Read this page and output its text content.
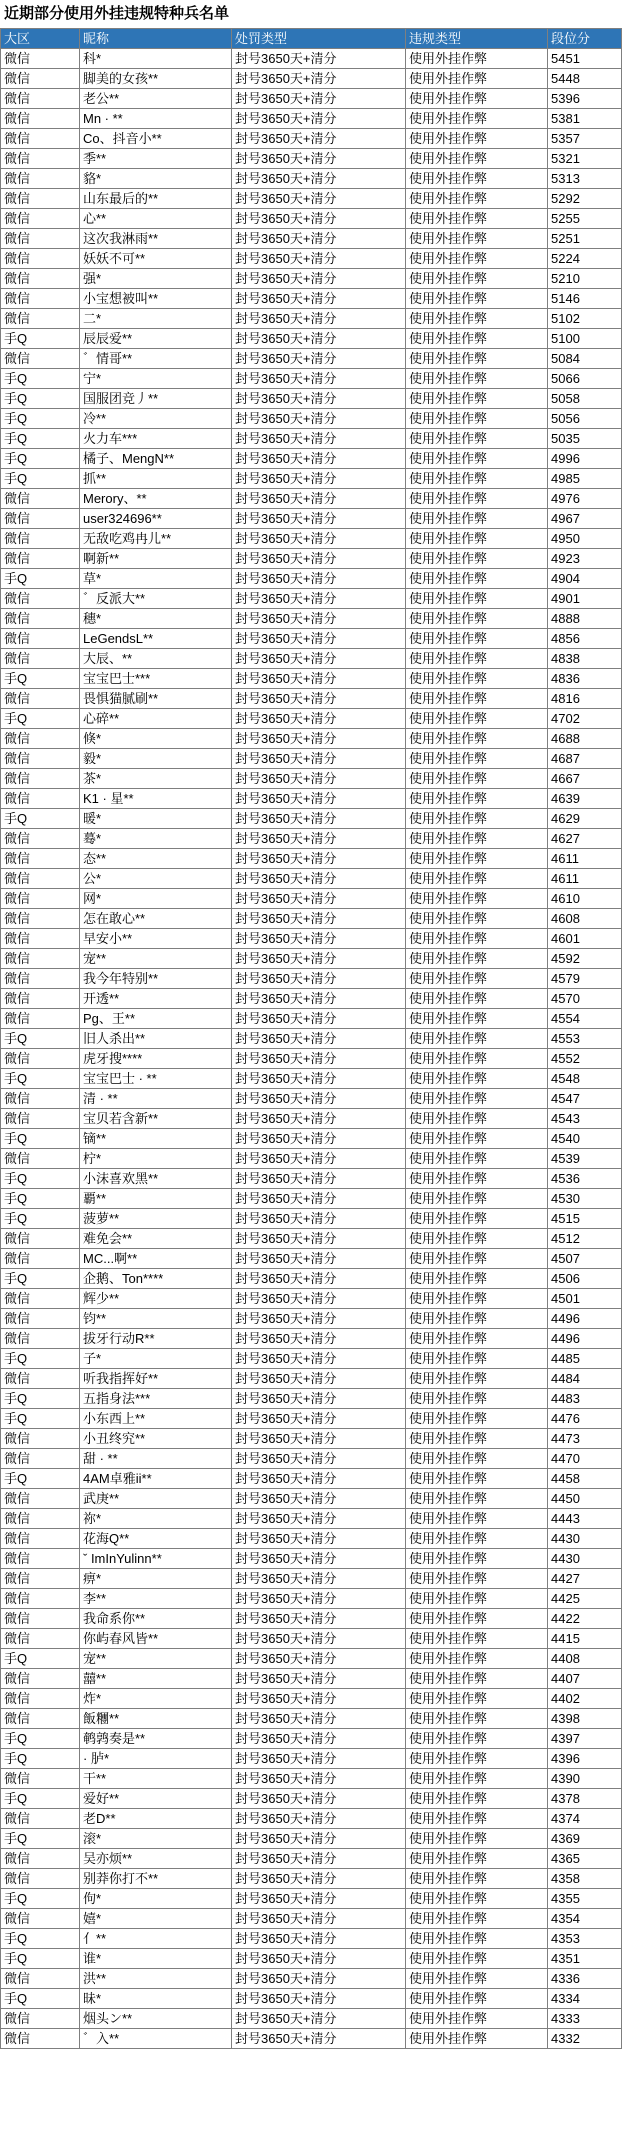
近期部分使用外挂违规特种兵名单
大区	昵称	处罚类型	违规类型	段位分
微信	科*	封号3650天+清分	使用外挂作弊	5451
微信	脚美的女孩**	封号3650天+清分	使用外挂作弊	5448
微信	老公**	封号3650天+清分	使用外挂作弊	5396
微信	Mn · **	封号3650天+清分	使用外挂作弊	5381
微信	Co、抖音小**	封号3650天+清分	使用外挂作弊	5357
微信	季**	封号3650天+清分	使用外挂作弊	5321
微信	貉*	封号3650天+清分	使用外挂作弊	5313
微信	山东最后的**	封号3650天+清分	使用外挂作弊	5292
微信	心**	封号3650天+清分	使用外挂作弊	5255
微信	这次我淋雨**	封号3650天+清分	使用外挂作弊	5251
微信	妖妖不可**	封号3650天+清分	使用外挂作弊	5224
微信	强*	封号3650天+清分	使用外挂作弊	5210
微信	小宝想被叫**	封号3650天+清分	使用外挂作弊	5146
微信	二*	封号3650天+清分	使用外挂作弊	5102
手Q	辰辰爱**	封号3650天+清分	使用外挂作弊	5100
微信	゛情哥**	封号3650天+清分	使用外挂作弊	5084
手Q	宁*	封号3650天+清分	使用外挂作弊	5066
手Q	国服团竞丿**	封号3650天+清分	使用外挂作弊	5058
手Q	冷**	封号3650天+清分	使用外挂作弊	5056
手Q	火力车***	封号3650天+清分	使用外挂作弊	5035
手Q	橘子、MengN**	封号3650天+清分	使用外挂作弊	4996
手Q	抓**	封号3650天+清分	使用外挂作弊	4985
微信	Merory、**	封号3650天+清分	使用外挂作弊	4976
微信	user324696**	封号3650天+清分	使用外挂作弊	4967
微信	无敌吃鸡冉儿**	封号3650天+清分	使用外挂作弊	4950
微信	啊新**	封号3650天+清分	使用外挂作弊	4923
手Q	草*	封号3650天+清分	使用外挂作弊	4904
微信	゛反派大**	封号3650天+清分	使用外挂作弊	4901
微信	穗*	封号3650天+清分	使用外挂作弊	4888
微信	LeGendsL**	封号3650天+清分	使用外挂作弊	4856
微信	大辰、**	封号3650天+清分	使用外挂作弊	4838
手Q	宝宝巴士***	封号3650天+清分	使用外挂作弊	4836
微信	畏惧猫腻刷**	封号3650天+清分	使用外挂作弊	4816
手Q	心碎**	封号3650天+清分	使用外挂作弊	4702
微信	倏*	封号3650天+清分	使用外挂作弊	4688
微信	毅*	封号3650天+清分	使用外挂作弊	4687
微信	茶*	封号3650天+清分	使用外挂作弊	4667
微信	K1 · 星**	封号3650天+清分	使用外挂作弊	4639
手Q	暖*	封号3650天+清分	使用外挂作弊	4629
微信	蓦*	封号3650天+清分	使用外挂作弊	4627
微信	态**	封号3650天+清分	使用外挂作弊	4611
微信	公*	封号3650天+清分	使用外挂作弊	4611
微信	网*	封号3650天+清分	使用外挂作弊	4610
微信	怎在敢心**	封号3650天+清分	使用外挂作弊	4608
微信	早安小**	封号3650天+清分	使用外挂作弊	4601
微信	宠**	封号3650天+清分	使用外挂作弊	4592
微信	我今年特别**	封号3650天+清分	使用外挂作弊	4579
微信	开透**	封号3650天+清分	使用外挂作弊	4570
微信	Pg、王**	封号3650天+清分	使用外挂作弊	4554
手Q	旧人杀出**	封号3650天+清分	使用外挂作弊	4553
微信	虎牙搜****	封号3650天+清分	使用外挂作弊	4552
手Q	宝宝巴士 · **	封号3650天+清分	使用外挂作弊	4548
微信	清 · **	封号3650天+清分	使用外挂作弊	4547
微信	宝贝若含新**	封号3650天+清分	使用外挂作弊	4543
手Q	镝**	封号3650天+清分	使用外挂作弊	4540
微信	柠*	封号3650天+清分	使用外挂作弊	4539
手Q	小沫喜欢黑**	封号3650天+清分	使用外挂作弊	4536
手Q	覇**	封号3650天+清分	使用外挂作弊	4530
手Q	菠萝**	封号3650天+清分	使用外挂作弊	4515
微信	难免会**	封号3650天+清分	使用外挂作弊	4512
微信	MC...啊**	封号3650天+清分	使用外挂作弊	4507
手Q	企鹅、Ton****	封号3650天+清分	使用外挂作弊	4506
微信	辉少**	封号3650天+清分	使用外挂作弊	4501
微信	钧**	封号3650天+清分	使用外挂作弊	4496
微信	拔牙行动R**	封号3650天+清分	使用外挂作弊	4496
手Q	子*	封号3650天+清分	使用外挂作弊	4485
微信	听我指挥好**	封号3650天+清分	使用外挂作弊	4484
手Q	五指身法***	封号3650天+清分	使用外挂作弊	4483
手Q	小东西上**	封号3650天+清分	使用外挂作弊	4476
微信	小丑终究**	封号3650天+清分	使用外挂作弊	4473
微信	甜 · **	封号3650天+清分	使用外挂作弊	4470
手Q	4AM卓雅ii**	封号3650天+清分	使用外挂作弊	4458
微信	武庚**	封号3650天+清分	使用外挂作弊	4450
微信	祢*	封号3650天+清分	使用外挂作弊	4443
微信	花海Q**	封号3650天+清分	使用外挂作弊	4430
微信	ˇ ImInYulinn**	封号3650天+清分	使用外挂作弊	4430
微信	痹*	封号3650天+清分	使用外挂作弊	4427
微信	李**	封号3650天+清分	使用外挂作弊	4425
微信	我命系你**	封号3650天+清分	使用外挂作弊	4422
微信	你屿春风皆**	封号3650天+清分	使用外挂作弊	4415
手Q	宠**	封号3650天+清分	使用外挂作弊	4408
微信	囍**	封号3650天+清分	使用外挂作弊	4407
微信	炸*	封号3650天+清分	使用外挂作弊	4402
微信	飯糰**	封号3650天+清分	使用外挂作弊	4398
手Q	鹌鹑奏是**	封号3650天+清分	使用外挂作弊	4397
手Q	· 胪*	封号3650天+清分	使用外挂作弊	4396
微信	干**	封号3650天+清分	使用外挂作弊	4390
手Q	爱好**	封号3650天+清分	使用外挂作弊	4378
微信	老D**	封号3650天+清分	使用外挂作弊	4374
手Q	滚*	封号3650天+清分	使用外挂作弊	4369
微信	吴亦烦**	封号3650天+清分	使用外挂作弊	4365
微信	别莽你打不**	封号3650天+清分	使用外挂作弊	4358
手Q	佝*	封号3650天+清分	使用外挂作弊	4355
微信	嬉*	封号3650天+清分	使用外挂作弊	4354
手Q	亻**	封号3650天+清分	使用外挂作弊	4353
手Q	谁*	封号3650天+清分	使用外挂作弊	4351
微信	洪**	封号3650天+清分	使用外挂作弊	4336
手Q	昧*	封号3650天+清分	使用外挂作弊	4334
微信	烟头ン**	封号3650天+清分	使用外挂作弊	4333
微信	゛入**	封号3650天+清分	使用外挂作弊	4332
